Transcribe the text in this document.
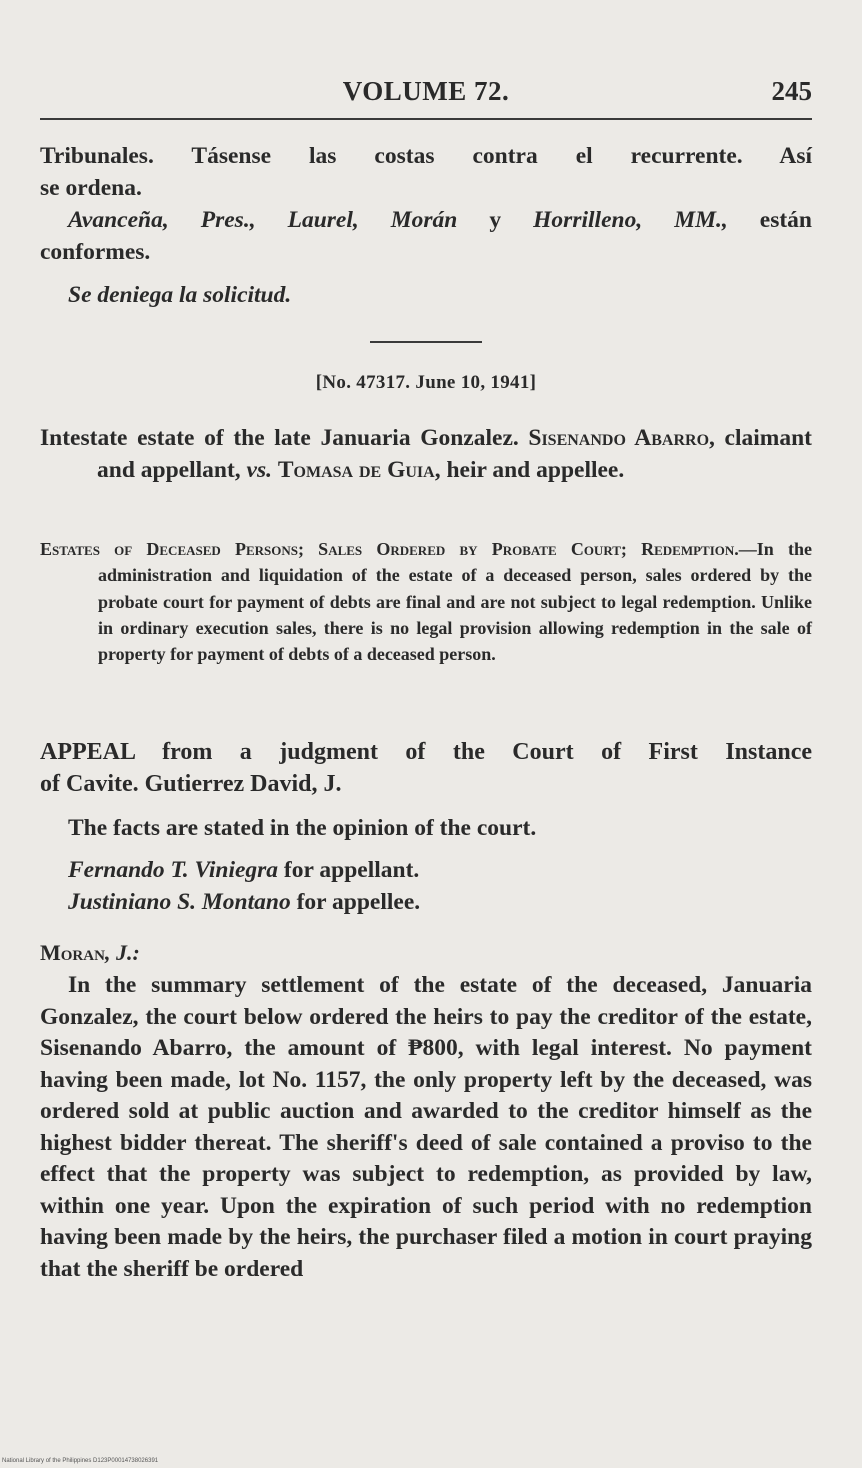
VOLUME 72.	245
Tribunales. Tásense las costas contra el recurrente. Así
se ordena.
Avanceña, Pres., Laurel, Morán y Horrilleno, MM., están
conformes.
Se deniega la solicitud.
[No. 47317. June 10, 1941]
Intestate estate of the late Januaria Gonzalez. Sisenando Abarro, claimant and appellant, vs. Tomasa de Guia, heir and appellee.
Estates of Deceased Persons; Sales Ordered by Probate Court; Redemption.—In the administration and liquidation of the estate of a deceased person, sales ordered by the probate court for payment of debts are final and are not subject to legal redemption. Unlike in ordinary execution sales, there is no legal provision allowing redemption in the sale of property for payment of debts of a deceased person.
APPEAL from a judgment of the Court of First Instance
of Cavite. Gutierrez David, J.
The facts are stated in the opinion of the court.
Fernando T. Viniegra for appellant.
Justiniano S. Montano for appellee.
Moran, J.:

In the summary settlement of the estate of the deceased, Januaria Gonzalez, the court below ordered the heirs to pay the creditor of the estate, Sisenando Abarro, the amount of ₱800, with legal interest. No payment having been made, lot No. 1157, the only property left by the deceased, was ordered sold at public auction and awarded to the creditor himself as the highest bidder thereat. The sheriff's deed of sale contained a proviso to the effect that the property was subject to redemption, as provided by law, within one year. Upon the expiration of such period with no redemption having been made by the heirs, the purchaser filed a motion in court praying that the sheriff be ordered

National Library of the Philippines D123P00014738026391
